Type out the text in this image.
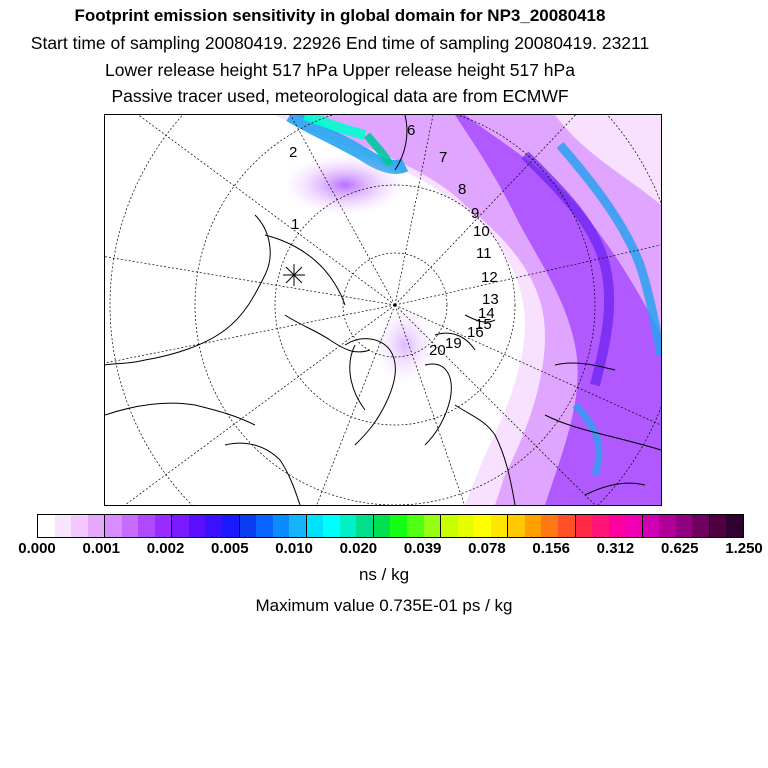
Footprint emission sensitivity in global domain for NP3_20080418
Start time of sampling 20080419. 22926 End time of sampling 20080419. 23211
Lower release height 517 hPa Upper release height 517 hPa
Passive tracer used, meteorological data are from ECMWF
1
2
6
7
8
9
10
11
12
13
14
15
16
19
20
0.000 0.001 0.002 0.005 0.010 0.020 0.039 0.078 0.156 0.312 0.625 1.250
ns / kg
Maximum value 0.735E-01 ps / kg
